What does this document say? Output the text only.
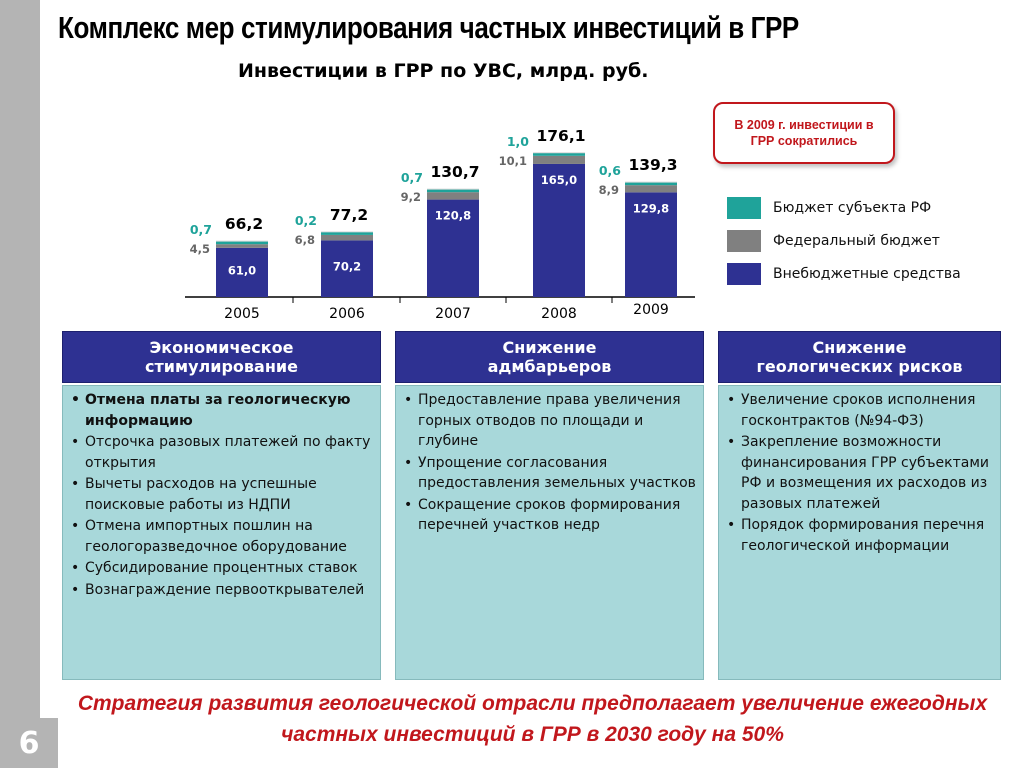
Комплекс мер стимулирования частных инвестиций в ГРР
Инвестиции в ГРР по УВС, млрд. руб.
61,0
4,5
0,7 66,2
2005
70,2
6,8
0,2 77,2
2006
120,8
9,2
0,7 130,7
2007
165,0
10,1
1,0 176,1
2008
129,8
8,9
0,6 139,3
2009
В 2009 г. инвестиции в ГРР сократились
Бюджет субъекта РФ
Федеральный бюджет
Внебюджетные средства
Экономическое
стимулирование
Снижение
адмбарьеров
Снижение
геологических рисков
• Отмена платы за геологическую информацию
• Отсрочка разовых платежей по факту открытия
• Вычеты расходов на успешные поисковые работы из НДПИ
• Отмена импортных пошлин на геологоразведочное оборудование
• Субсидирование процентных ставок
• Вознаграждение первооткрывателей
• Предоставление права увеличения горных отводов по площади и глубине
• Упрощение согласования предоставления земельных участков
• Сокращение сроков формирования перечней участков недр
• Увеличение сроков исполнения госконтрактов (№94-ФЗ)
• Закрепление возможности финансирования ГРР субъектами РФ и возмещения их расходов из разовых платежей
• Порядок формирования перечня геологической информации
Стратегия развития геологической отрасли предполагает увеличение ежегодных частных инвестиций в ГРР в 2030 году на 50%
6
